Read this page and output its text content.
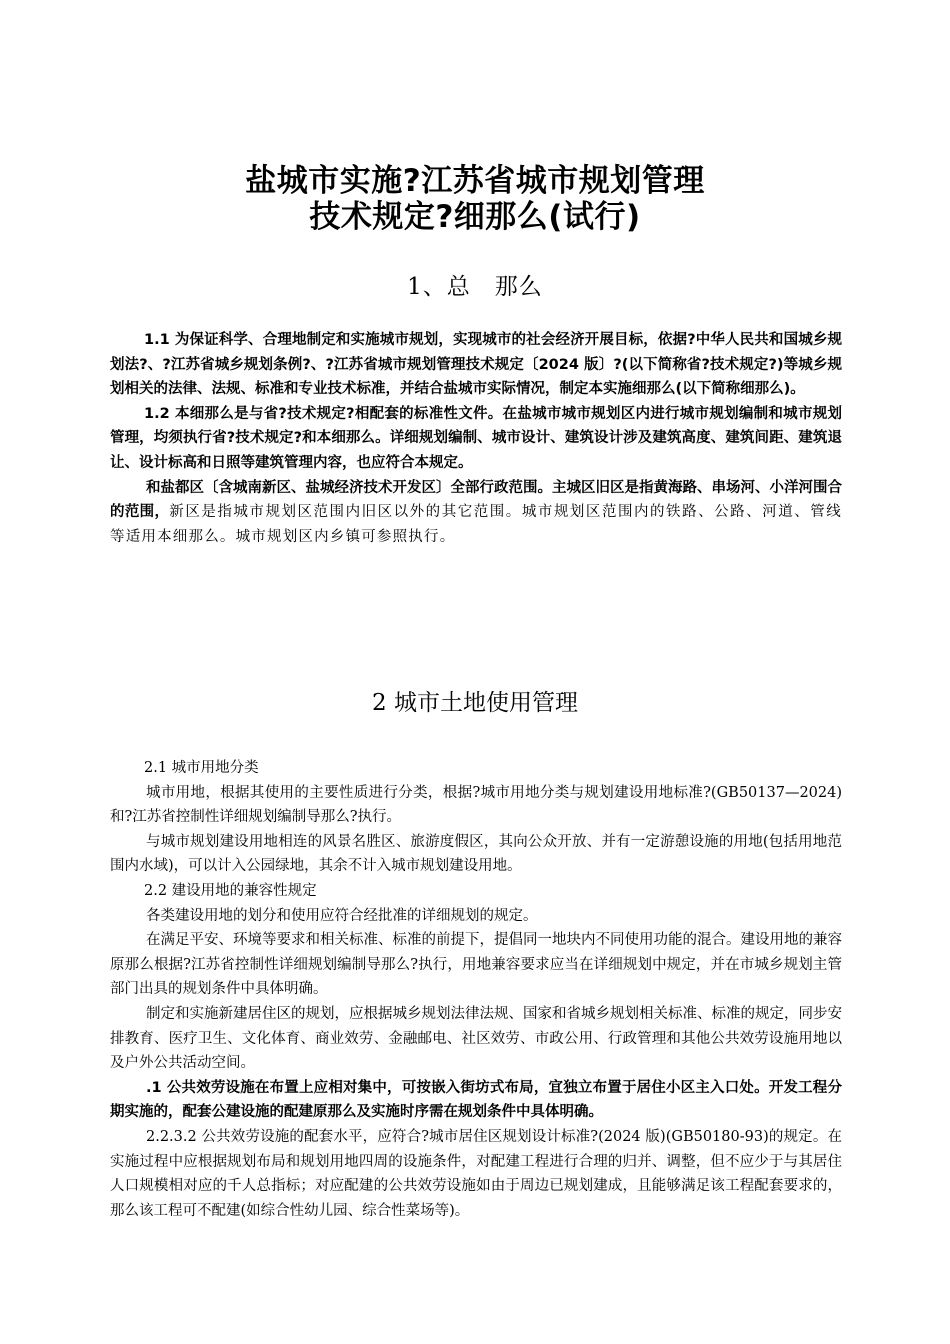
盐城市实施?江苏省城市规划管理
技术规定?细那么(试行)
1、总　那么

1.1 为保证科学、合理地制定和实施城市规划，实现城市的社会经济开展目标，依据?中华人民共和国城乡规划法?、?江苏省城乡规划条例?、?江苏省城市规划管理技术规定〔2024 版〕?(以下简称省?技术规定?)等城乡规划相关的法律、法规、标准和专业技术标准，并结合盐城市实际情况，制定本实施细那么(以下简称细那么)。

1.2 本细那么是与省?技术规定?相配套的标准性文件。在盐城市城市规划区内进行城市规划编制和城市规划管理，均须执行省?技术规定?和本细那么。详细规划编制、城市设计、建筑设计涉及建筑高度、建筑间距、建筑退让、设计标高和日照等建筑管理内容，也应符合本规定。

和盐都区〔含城南新区、盐城经济技术开发区〕全部行政范围。主城区旧区是指黄海路、串场河、小洋河围合的范围，新区是指城市规划区范围内旧区以外的其它范围。城市规划区范围内的铁路、公路、河道、管线等适用本细那么。城市规划区内乡镇可参照执行。

2 城市土地使用管理

2.1 城市用地分类

城市用地，根据其使用的主要性质进行分类，根据?城市用地分类与规划建设用地标准?(GB50137—2024)和?江苏省控制性详细规划编制导那么?执行。

与城市规划建设用地相连的风景名胜区、旅游度假区，其向公众开放、并有一定游憩设施的用地(包括用地范围内水域)，可以计入公园绿地，其余不计入城市规划建设用地。

2.2 建设用地的兼容性规定

各类建设用地的划分和使用应符合经批准的详细规划的规定。

在满足平安、环境等要求和相关标准、标准的前提下，提倡同一地块内不同使用功能的混合。建设用地的兼容原那么根据?江苏省控制性详细规划编制导那么?执行，用地兼容要求应当在详细规划中规定，并在市城乡规划主管部门出具的规划条件中具体明确。

制定和实施新建居住区的规划，应根据城乡规划法律法规、国家和省城乡规划相关标准、标准的规定，同步安排教育、医疗卫生、文化体育、商业效劳、金融邮电、社区效劳、市政公用、行政管理和其他公共效劳设施用地以及户外公共活动空间。

.1 公共效劳设施在布置上应相对集中，可按嵌入街坊式布局，宜独立布置于居住小区主入口处。开发工程分期实施的，配套公建设施的配建原那么及实施时序需在规划条件中具体明确。

2.2.3.2 公共效劳设施的配套水平，应符合?城市居住区规划设计标准?(2024 版)(GB50180-93)的规定。在实施过程中应根据规划布局和规划用地四周的设施条件，对配建工程进行合理的归并、调整，但不应少于与其居住人口规模相对应的千人总指标；对应配建的公共效劳设施如由于周边已规划建成，且能够满足该工程配套要求的，那么该工程可不配建(如综合性幼儿园、综合性菜场等)。
